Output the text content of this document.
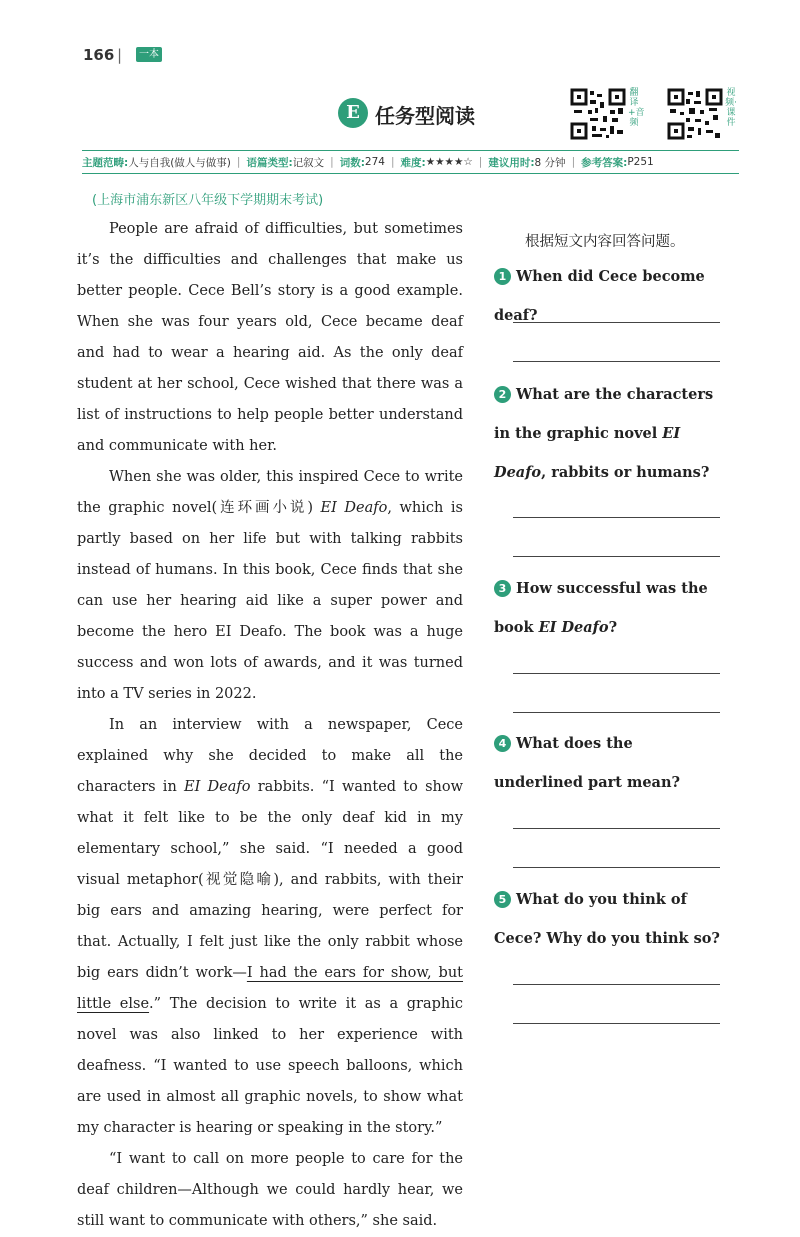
166 |	一本
E 任务型阅读
翻译+音频
视频·课件
主题范畴: 人与自我(做人与做事) | 语篇类型: 记叙文 | 词数: 274 | 难度: ★★★★☆ | 建议用时: 8 分钟 | 参考答案: P251
(上海市浦东新区八年级下学期期末考试)

People are afraid of difficulties, but sometimes it’s the difficulties and challenges that make us better people. Cece Bell’s story is a good example. When she was four years old, Cece became deaf and had to wear a hearing aid. As the only deaf student at her school, Cece wished that there was a list of instructions to help people better understand and communicate with her.

When she was older, this inspired Cece to write the graphic novel(连环画小说) EI Deafo, which is partly based on her life but with talking rabbits instead of humans. In this book, Cece finds that she can use her hearing aid like a super power and become the hero EI Deafo. The book was a huge success and won lots of awards, and it was turned into a TV series in 2022.

In an interview with a newspaper, Cece explained why she decided to make all the characters in EI Deafo rabbits. “I wanted to show what it felt like to be the only deaf kid in my elementary school,” she said. “I needed a good visual metaphor(视觉隐喻), and rabbits, with their big ears and amazing hearing, were perfect for that. Actually, I felt just like the only rabbit whose big ears didn’t work—I had the ears for show, but little else.” The decision to write it as a graphic novel was also linked to her experience with deafness. “I wanted to use speech balloons, which are used in almost all graphic novels, to show what my character is hearing or speaking in the story.”

“I want to call on more people to care for the deaf children—Although we could hardly hear, we still want to communicate with others,” she said.

根据短文内容回答问题。
1 When did Cece become deaf?
2 What are the characters in the graphic novel EI Deafo, rabbits or humans?
3 How successful was the book EI Deafo?
4 What does the underlined part mean?
5 What do you think of Cece? Why do you think so?
